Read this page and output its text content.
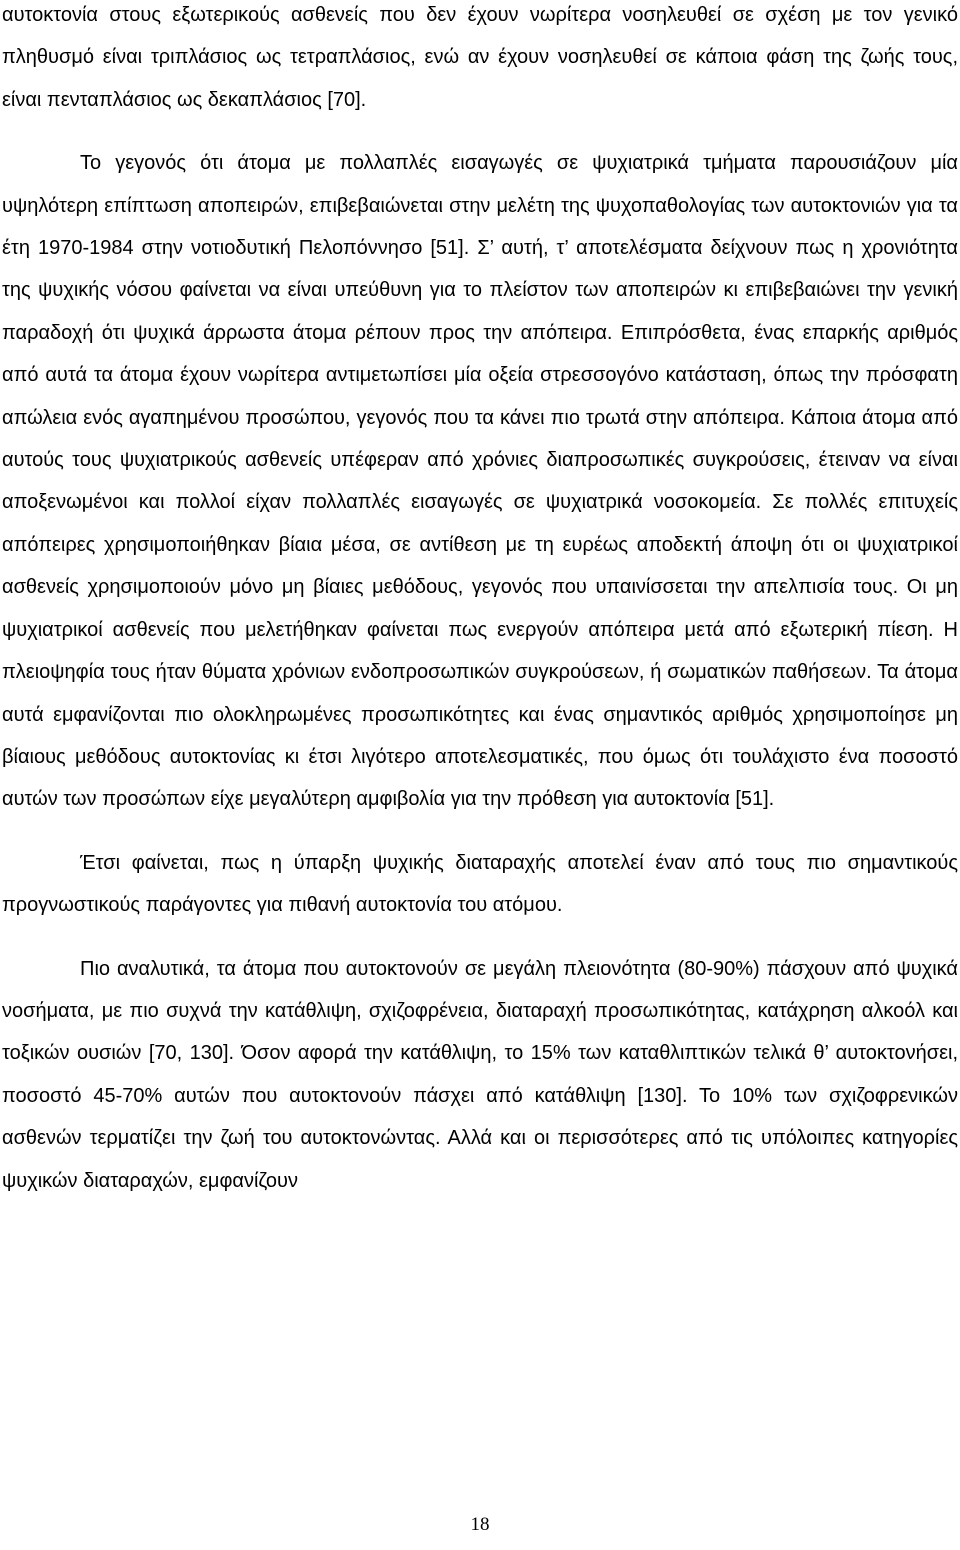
αυτοκτονία στους εξωτερικούς ασθενείς που δεν έχουν νωρίτερα νοσηλευθεί σε σχέση με τον γενικό πληθυσμό είναι τριπλάσιος ως τετραπλάσιος, ενώ αν έχουν νοσηλευθεί σε κάποια φάση της ζωής τους, είναι πενταπλάσιος ως δεκαπλάσιος [70].

Το γεγονός ότι άτομα με πολλαπλές εισαγωγές σε ψυχιατρικά τμήματα παρουσιάζουν μία υψηλότερη επίπτωση αποπειρών, επιβεβαιώνεται στην μελέτη της ψυχοπαθολογίας των αυτοκτονιών για τα έτη 1970-1984 στην νοτιοδυτική Πελοπόννησο [51]. Σ’ αυτή, τ’ αποτελέσματα δείχνουν πως η χρονιότητα της ψυχικής νόσου φαίνεται να είναι υπεύθυνη για το πλείστον των αποπειρών κι επιβεβαιώνει την γενική παραδοχή ότι ψυχικά άρρωστα άτομα ρέπουν προς την απόπειρα. Επιπρόσθετα, ένας επαρκής αριθμός από αυτά τα άτομα έχουν νωρίτερα αντιμετωπίσει μία οξεία στρεσσογόνο κατάσταση, όπως την πρόσφατη απώλεια ενός αγαπημένου προσώπου, γεγονός που τα κάνει πιο τρωτά στην απόπειρα. Κάποια άτομα από αυτούς τους ψυχιατρικούς ασθενείς υπέφεραν από χρόνιες διαπροσωπικές συγκρούσεις, έτειναν να είναι αποξενωμένοι και πολλοί είχαν πολλαπλές εισαγωγές σε ψυχιατρικά νοσοκομεία. Σε πολλές επιτυχείς απόπειρες χρησιμοποιήθηκαν βίαια μέσα, σε αντίθεση με τη ευρέως αποδεκτή άποψη ότι οι ψυχιατρικοί ασθενείς χρησιμοποιούν μόνο μη βίαιες μεθόδους, γεγονός που υπαινίσσεται την απελπισία τους. Οι μη ψυχιατρικοί ασθενείς που μελετήθηκαν φαίνεται πως ενεργούν απόπειρα μετά από εξωτερική πίεση. Η πλειοψηφία τους ήταν θύματα χρόνιων ενδοπροσωπικών συγκρούσεων, ή σωματικών παθήσεων. Τα άτομα αυτά εμφανίζονται πιο ολοκληρωμένες προσωπικότητες και ένας σημαντικός αριθμός χρησιμοποίησε μη βίαιους μεθόδους αυτοκτονίας κι έτσι λιγότερο αποτελεσματικές, που όμως ότι τουλάχιστο ένα ποσοστό αυτών των προσώπων είχε μεγαλύτερη αμφιβολία για την πρόθεση για αυτοκτονία [51].

Έτσι φαίνεται, πως η ύπαρξη ψυχικής διαταραχής αποτελεί έναν από τους πιο σημαντικούς προγνωστικούς παράγοντες για πιθανή αυτοκτονία του ατόμου.

Πιο αναλυτικά, τα άτομα που αυτοκτονούν σε μεγάλη πλειονότητα (80-90%) πάσχουν από ψυχικά νοσήματα, με πιο συχνά την κατάθλιψη, σχιζοφρένεια, διαταραχή προσωπικότητας, κατάχρηση αλκοόλ και τοξικών ουσιών [70, 130]. Όσον αφορά την κατάθλιψη, το 15% των καταθλιπτικών τελικά θ’ αυτοκτονήσει, ποσοστό 45-70% αυτών που αυτοκτονούν πάσχει από κατάθλιψη [130]. Το 10% των σχιζοφρενικών ασθενών τερματίζει την ζωή του αυτοκτονώντας. Αλλά και οι περισσότερες από τις υπόλοιπες κατηγορίες ψυχικών διαταραχών, εμφανίζουν

18
